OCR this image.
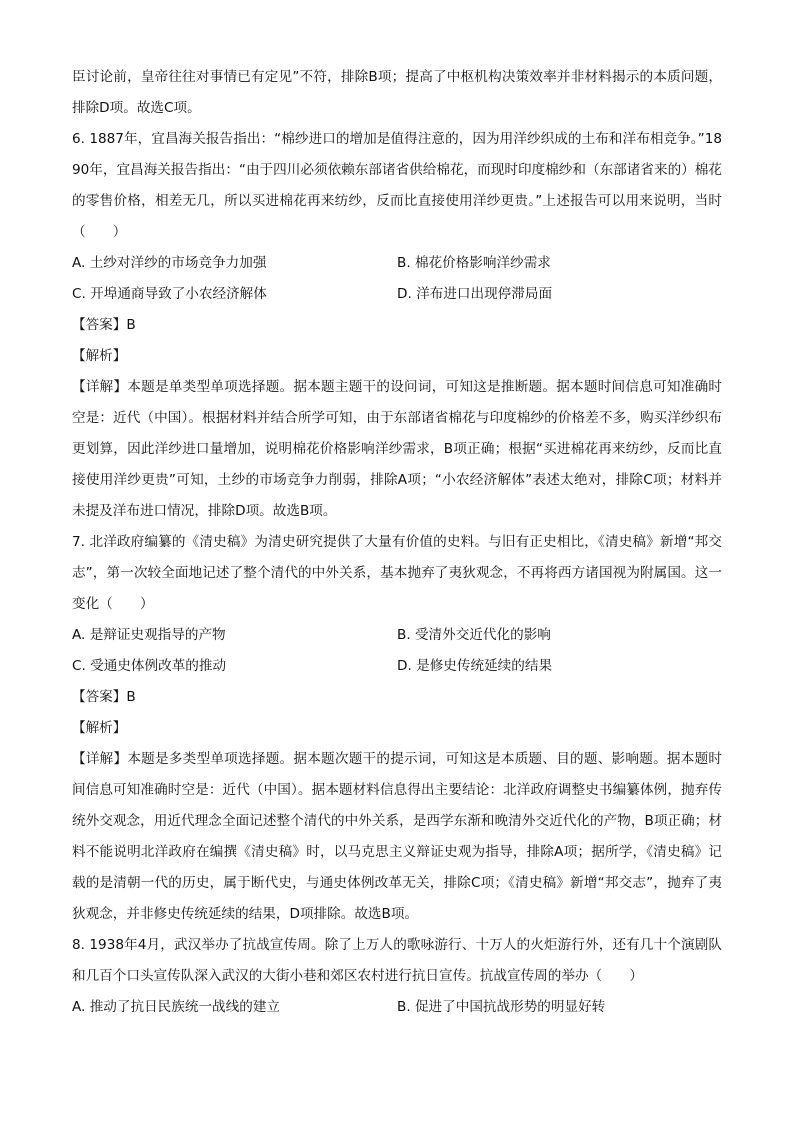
臣讨论前，皇帝往往对事情已有定见”不符，排除B项；提高了中枢机构决策效率并非材料揭示的本质问题，排除D项。故选C项。

6. 1887年，宜昌海关报告指出：“棉纱进口的增加是值得注意的，因为用洋纱织成的土布和洋布相竞争。”1890年，宜昌海关报告指出：“由于四川必须依赖东部诸省供给棉花，而现时印度棉纱和（东部诸省来的）棉花的零售价格，相差无几，所以买进棉花再来纺纱，反而比直接使用洋纱更贵。”上述报告可以用来说明，当时（　　）

A. 土纱对洋纱的市场竞争力加强	B. 棉花价格影响洋纱需求
C. 开埠通商导致了小农经济解体	D. 洋布进口出现停滞局面
【答案】B
【解析】

【详解】本题是单类型单项选择题。据本题主题干的设问词，可知这是推断题。据本题时间信息可知准确时空是：近代（中国）。根据材料并结合所学可知，由于东部诸省棉花与印度棉纱的价格差不多，购买洋纱织布更划算，因此洋纱进口量增加，说明棉花价格影响洋纱需求，B项正确；根据“买进棉花再来纺纱，反而比直接使用洋纱更贵”可知，土纱的市场竞争力削弱，排除A项；“小农经济解体”表述太绝对，排除C项；材料并未提及洋布进口情况，排除D项。故选B项。

7. 北洋政府编纂的《清史稿》为清史研究提供了大量有价值的史料。与旧有正史相比，《清史稿》新增“邦交志”，第一次较全面地记述了整个清代的中外关系，基本抛弃了夷狄观念，不再将西方诸国视为附属国。这一变化（　　）

A. 是辩证史观指导的产物	B. 受清外交近代化的影响
C. 受通史体例改革的推动	D. 是修史传统延续的结果
【答案】B
【解析】

【详解】本题是多类型单项选择题。据本题次题干的提示词，可知这是本质题、目的题、影响题。据本题时间信息可知准确时空是：近代（中国）。据本题材料信息得出主要结论：北洋政府调整史书编纂体例，抛弃传统外交观念，用近代理念全面记述整个清代的中外关系，是西学东渐和晚清外交近代化的产物，B项正确；材料不能说明北洋政府在编撰《清史稿》时，以马克思主义辩证史观为指导，排除A项；据所学，《清史稿》记载的是清朝一代的历史，属于断代史，与通史体例改革无关，排除C项；《清史稿》新增“邦交志”，抛弃了夷狄观念，并非修史传统延续的结果，D项排除。故选B项。

8. 1938年4月，武汉举办了抗战宣传周。除了上万人的歌咏游行、十万人的火炬游行外，还有几十个演剧队和几百个口头宣传队深入武汉的大街小巷和郊区农村进行抗日宣传。抗战宣传周的举办（　　）

A. 推动了抗日民族统一战线的建立	B. 促进了中国抗战形势的明显好转
